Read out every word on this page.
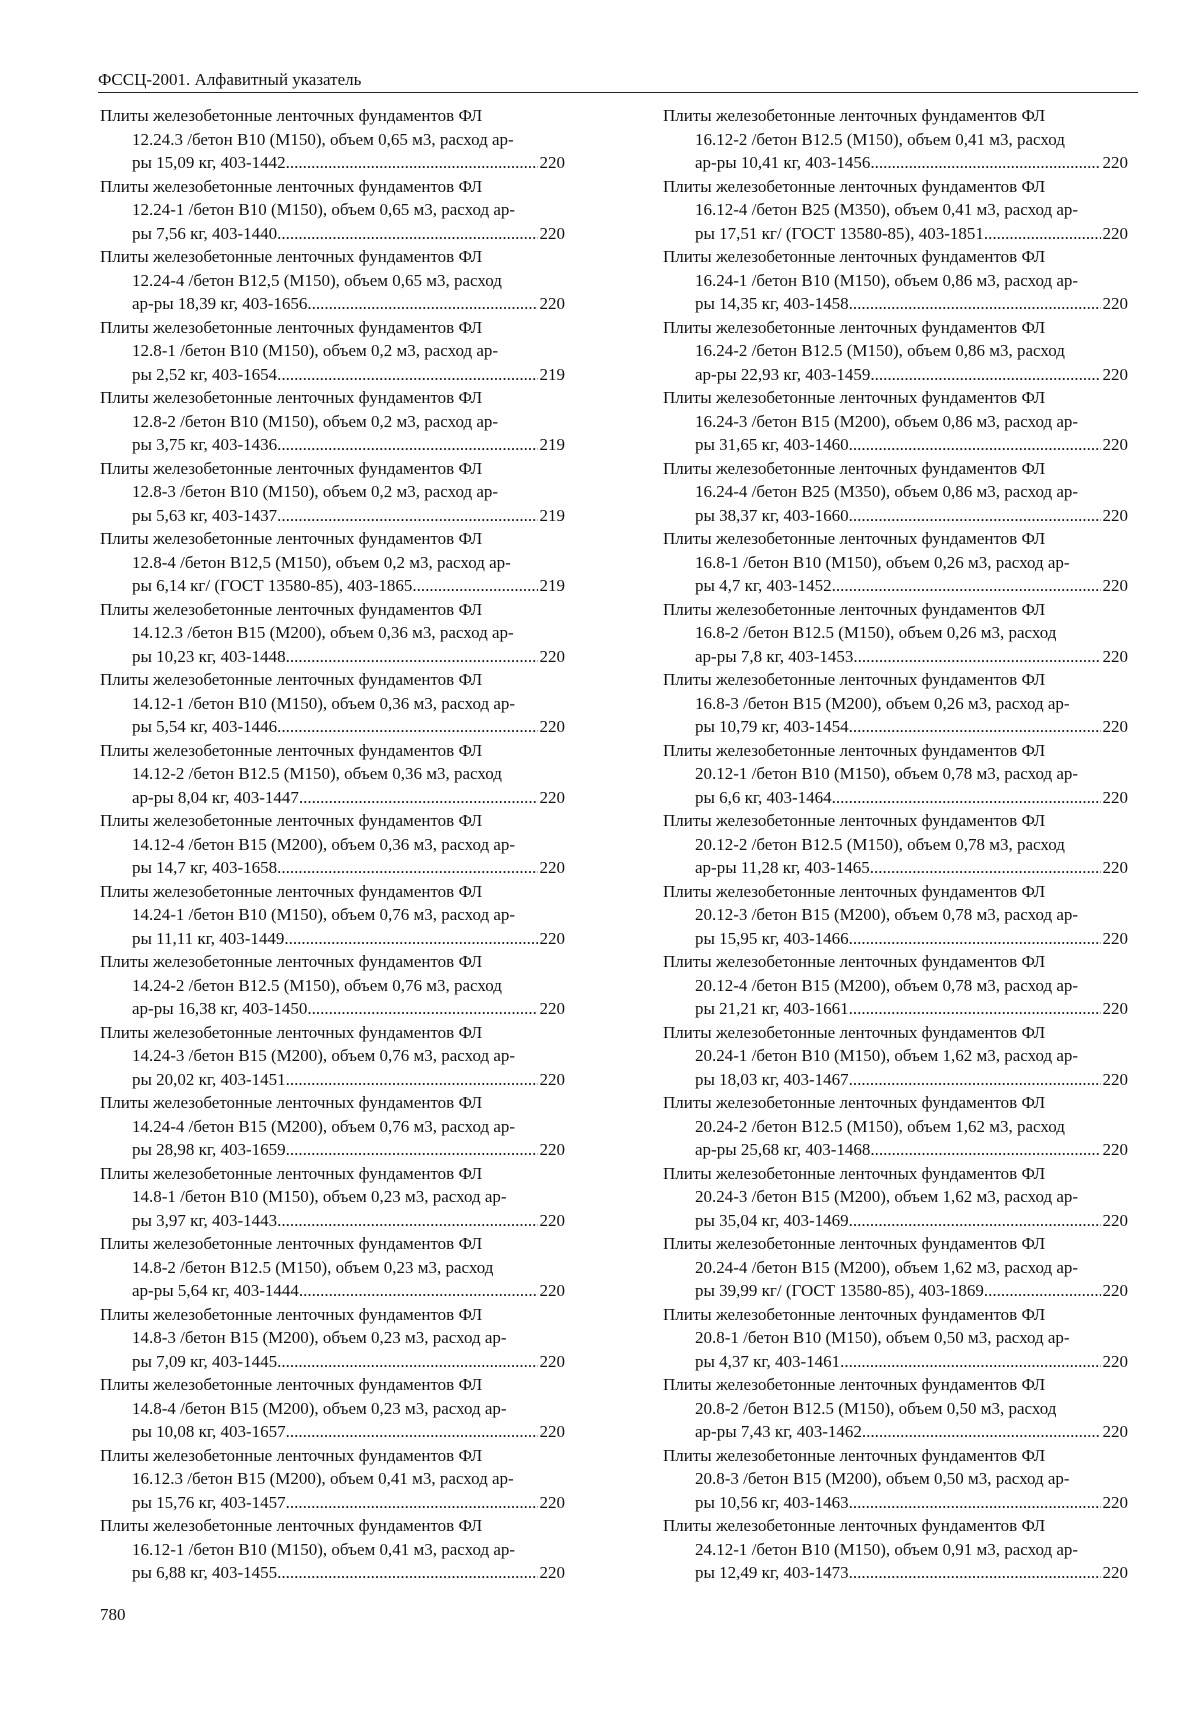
ФССЦ-2001. Алфавитный указатель
Плиты железобетонные ленточных фундаментов ФЛ
12.24.3 /бетон В10 (М150), объем 0,65 м3, расход ар-
ры 15,09 кг, 403-1442 .....	220
Плиты железобетонные ленточных фундаментов ФЛ
12.24-1 /бетон В10 (М150), объем 0,65 м3, расход ар-
ры 7,56 кг, 403-1440 .....	220
Плиты железобетонные ленточных фундаментов ФЛ
12.24-4 /бетон В12,5 (М150), объем 0,65 м3, расход
ар-ры 18,39 кг, 403-1656 .....	220
Плиты железобетонные ленточных фундаментов ФЛ
12.8-1 /бетон В10 (М150), объем 0,2 м3, расход ар-
ры 2,52 кг, 403-1654 .....	219
Плиты железобетонные ленточных фундаментов ФЛ
12.8-2 /бетон В10 (М150), объем 0,2 м3, расход ар-
ры 3,75 кг, 403-1436 .....	219
Плиты железобетонные ленточных фундаментов ФЛ
12.8-3 /бетон В10 (М150), объем 0,2 м3, расход ар-
ры 5,63 кг, 403-1437 .....	219
Плиты железобетонные ленточных фундаментов ФЛ
12.8-4 /бетон В12,5 (М150), объем 0,2 м3, расход ар-
ры 6,14 кг/ (ГОСТ 13580-85), 403-1865 .....	219
Плиты железобетонные ленточных фундаментов ФЛ
14.12.3 /бетон В15 (М200), объем 0,36 м3, расход ар-
ры 10,23 кг, 403-1448 .....	220
Плиты железобетонные ленточных фундаментов ФЛ
14.12-1 /бетон В10 (М150), объем 0,36 м3, расход ар-
ры 5,54 кг, 403-1446 .....	220
Плиты железобетонные ленточных фундаментов ФЛ
14.12-2 /бетон В12.5 (М150), объем 0,36 м3, расход
ар-ры 8,04 кг, 403-1447 .....	220
Плиты железобетонные ленточных фундаментов ФЛ
14.12-4 /бетон В15 (М200), объем 0,36 м3, расход ар-
ры 14,7 кг, 403-1658 .....	220
Плиты железобетонные ленточных фундаментов ФЛ
14.24-1 /бетон В10 (М150), объем 0,76 м3, расход ар-
ры 11,11 кг, 403-1449 .....	220
Плиты железобетонные ленточных фундаментов ФЛ
14.24-2 /бетон В12.5 (М150), объем 0,76 м3, расход
ар-ры 16,38 кг, 403-1450 .....	220
Плиты железобетонные ленточных фундаментов ФЛ
14.24-3 /бетон В15 (М200), объем 0,76 м3, расход ар-
ры 20,02 кг, 403-1451 .....	220
Плиты железобетонные ленточных фундаментов ФЛ
14.24-4 /бетон В15 (М200), объем 0,76 м3, расход ар-
ры 28,98 кг, 403-1659 .....	220
Плиты железобетонные ленточных фундаментов ФЛ
14.8-1 /бетон В10 (М150), объем 0,23 м3, расход ар-
ры 3,97 кг, 403-1443 .....	220
Плиты железобетонные ленточных фундаментов ФЛ
14.8-2 /бетон В12.5 (М150), объем 0,23 м3, расход
ар-ры 5,64 кг, 403-1444 .....	220
Плиты железобетонные ленточных фундаментов ФЛ
14.8-3 /бетон В15 (М200), объем 0,23 м3, расход ар-
ры 7,09 кг, 403-1445 .....	220
Плиты железобетонные ленточных фундаментов ФЛ
14.8-4 /бетон В15 (М200), объем 0,23 м3, расход ар-
ры 10,08 кг, 403-1657 .....	220
Плиты железобетонные ленточных фундаментов ФЛ
16.12.3 /бетон В15 (М200), объем 0,41 м3, расход ар-
ры 15,76 кг, 403-1457 .....	220
Плиты железобетонные ленточных фундаментов ФЛ
16.12-1 /бетон В10 (М150), объем 0,41 м3, расход ар-
ры 6,88 кг, 403-1455 .....	220
Плиты железобетонные ленточных фундаментов ФЛ
16.12-2 /бетон В12.5 (М150), объем 0,41 м3, расход
ар-ры 10,41 кг, 403-1456 .....	220
Плиты железобетонные ленточных фундаментов ФЛ
16.12-4 /бетон В25 (М350), объем 0,41 м3, расход ар-
ры 17,51 кг/ (ГОСТ 13580-85), 403-1851 .....	220
Плиты железобетонные ленточных фундаментов ФЛ
16.24-1 /бетон В10 (М150), объем 0,86 м3, расход ар-
ры 14,35 кг, 403-1458 .....	220
Плиты железобетонные ленточных фундаментов ФЛ
16.24-2 /бетон В12.5 (М150), объем 0,86 м3, расход
ар-ры 22,93 кг, 403-1459 .....	220
Плиты железобетонные ленточных фундаментов ФЛ
16.24-3 /бетон В15 (М200), объем 0,86 м3, расход ар-
ры 31,65 кг, 403-1460 .....	220
Плиты железобетонные ленточных фундаментов ФЛ
16.24-4 /бетон В25 (М350), объем 0,86 м3, расход ар-
ры 38,37 кг, 403-1660 .....	220
Плиты железобетонные ленточных фундаментов ФЛ
16.8-1 /бетон В10 (М150), объем 0,26 м3, расход ар-
ры 4,7 кг, 403-1452 .....	220
Плиты железобетонные ленточных фундаментов ФЛ
16.8-2 /бетон В12.5 (М150), объем 0,26 м3, расход
ар-ры 7,8 кг, 403-1453 .....	220
Плиты железобетонные ленточных фундаментов ФЛ
16.8-3 /бетон В15 (М200), объем 0,26 м3, расход ар-
ры 10,79 кг, 403-1454 .....	220
Плиты железобетонные ленточных фундаментов ФЛ
20.12-1 /бетон В10 (М150), объем 0,78 м3, расход ар-
ры 6,6 кг, 403-1464 .....	220
Плиты железобетонные ленточных фундаментов ФЛ
20.12-2 /бетон В12.5 (М150), объем 0,78 м3, расход
ар-ры 11,28 кг, 403-1465 .....	220
Плиты железобетонные ленточных фундаментов ФЛ
20.12-3 /бетон В15 (М200), объем 0,78 м3, расход ар-
ры 15,95 кг, 403-1466 .....	220
Плиты железобетонные ленточных фундаментов ФЛ
20.12-4 /бетон В15 (М200), объем 0,78 м3, расход ар-
ры 21,21 кг, 403-1661 .....	220
Плиты железобетонные ленточных фундаментов ФЛ
20.24-1 /бетон В10 (М150), объем 1,62 м3, расход ар-
ры 18,03 кг, 403-1467 .....	220
Плиты железобетонные ленточных фундаментов ФЛ
20.24-2 /бетон В12.5 (М150), объем 1,62 м3, расход
ар-ры 25,68 кг, 403-1468 .....	220
Плиты железобетонные ленточных фундаментов ФЛ
20.24-3 /бетон В15 (М200), объем 1,62 м3, расход ар-
ры 35,04 кг, 403-1469 .....	220
Плиты железобетонные ленточных фундаментов ФЛ
20.24-4 /бетон В15 (М200), объем 1,62 м3, расход ар-
ры 39,99 кг/ (ГОСТ 13580-85), 403-1869 .....	220
Плиты железобетонные ленточных фундаментов ФЛ
20.8-1 /бетон В10 (М150), объем 0,50 м3, расход ар-
ры 4,37 кг, 403-1461 .....	220
Плиты железобетонные ленточных фундаментов ФЛ
20.8-2 /бетон В12.5 (М150), объем 0,50 м3, расход
ар-ры 7,43 кг, 403-1462 .....	220
Плиты железобетонные ленточных фундаментов ФЛ
20.8-3 /бетон В15 (М200), объем 0,50 м3, расход ар-
ры 10,56 кг, 403-1463 .....	220
Плиты железобетонные ленточных фундаментов ФЛ
24.12-1 /бетон В10 (М150), объем 0,91 м3, расход ар-
ры 12,49 кг, 403-1473 .....	220
780
